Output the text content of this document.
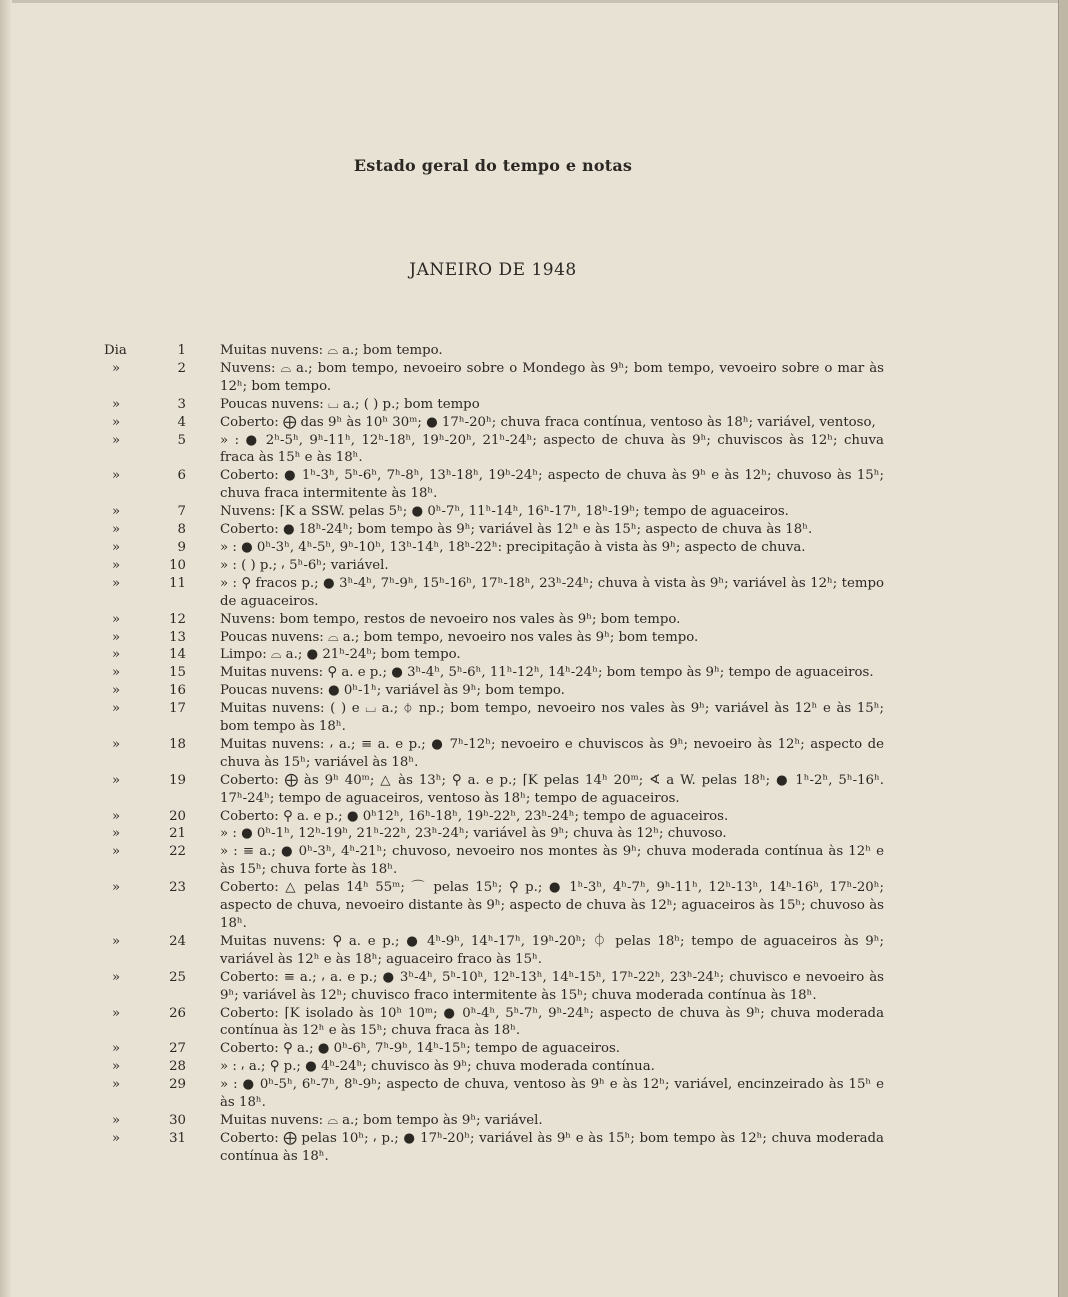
Estado geral do tempo e notas
JANEIRO DE 1948
Dia	1	Muitas nuvens: ⌓ a.; bom tempo.
»	2	Nuvens: ⌓ a.; bom tempo, nevoeiro sobre o Mondego às 9ʰ; bom tempo, vevoeiro sobre o mar às 12ʰ; bom tempo.
»	3	Poucas nuvens: ⌴ a.; ( ) p.; bom tempo
»	4	Coberto: ⨁ das 9ʰ às 10ʰ 30ᵐ; ● 17ʰ-20ʰ; chuva fraca contínua, ventoso às 18ʰ; variável, ventoso,
»	5	» : ● 2ʰ-5ʰ, 9ʰ-11ʰ, 12ʰ-18ʰ, 19ʰ-20ʰ, 21ʰ-24ʰ; aspecto de chuva às 9ʰ; chuviscos às 12ʰ; chuva fraca às 15ʰ e às 18ʰ.
»	6	Coberto: ● 1ʰ-3ʰ, 5ʰ-6ʰ, 7ʰ-8ʰ, 13ʰ-18ʰ, 19ʰ-24ʰ; aspecto de chuva às 9ʰ e às 12ʰ; chuvoso às 15ʰ; chuva fraca intermitente às 18ʰ.
»	7	Nuvens: ⌈K a SSW. pelas 5ʰ; ● 0ʰ-7ʰ, 11ʰ-14ʰ, 16ʰ-17ʰ, 18ʰ-19ʰ; tempo de aguaceiros.
»	8	Coberto: ● 18ʰ-24ʰ; bom tempo às 9ʰ; variável às 12ʰ e às 15ʰ; aspecto de chuva às 18ʰ.
»	9	» : ● 0ʰ-3ʰ, 4ʰ-5ʰ, 9ʰ-10ʰ, 13ʰ-14ʰ, 18ʰ-22ʰ: precipitação à vista às 9ʰ; aspecto de chuva.
»	10	» : ( ) p.; ⸴ 5ʰ-6ʰ; variável.
»	11	» : ⚲ fracos p.; ● 3ʰ-4ʰ, 7ʰ-9ʰ, 15ʰ-16ʰ, 17ʰ-18ʰ, 23ʰ-24ʰ; chuva à vista às 9ʰ; variável às 12ʰ; tempo de aguaceiros.
»	12	Nuvens: bom tempo, restos de nevoeiro nos vales às 9ʰ; bom tempo.
»	13	Poucas nuvens: ⌓ a.; bom tempo, nevoeiro nos vales às 9ʰ; bom tempo.
»	14	Limpo: ⌓ a.; ● 21ʰ-24ʰ; bom tempo.
»	15	Muitas nuvens: ⚲ a. e p.; ● 3ʰ-4ʰ, 5ʰ-6ʰ, 11ʰ-12ʰ, 14ʰ-24ʰ; bom tempo às 9ʰ; tempo de aguaceiros.
»	16	Poucas nuvens: ● 0ʰ-1ʰ; variável às 9ʰ; bom tempo.
»	17	Muitas nuvens: ( ) e ⌴ a.; ⏀ np.; bom tempo, nevoeiro nos vales às 9ʰ; variável às 12ʰ e às 15ʰ; bom tempo às 18ʰ.
»	18	Muitas nuvens: ⸴ a.; ≡ a. e p.; ● 7ʰ-12ʰ; nevoeiro e chuviscos às 9ʰ; nevoeiro às 12ʰ; aspecto de chuva às 15ʰ; variável às 18ʰ.
»	19	Coberto: ⨁ às 9ʰ 40ᵐ; △ às 13ʰ; ⚲ a. e p.; ⌈K pelas 14ʰ 20ᵐ; ∢ a W. pelas 18ʰ; ● 1ʰ-2ʰ, 5ʰ-16ʰ. 17ʰ-24ʰ; tempo de aguaceiros, ventoso às 18ʰ; tempo de aguaceiros.
»	20	Coberto: ⚲ a. e p.; ● 0ʰ12ʰ, 16ʰ-18ʰ, 19ʰ-22ʰ, 23ʰ-24ʰ; tempo de aguaceiros.
»	21	» : ● 0ʰ-1ʰ, 12ʰ-19ʰ, 21ʰ-22ʰ, 23ʰ-24ʰ; variável às 9ʰ; chuva às 12ʰ; chuvoso.
»	22	» : ≡ a.; ● 0ʰ-3ʰ, 4ʰ-21ʰ; chuvoso, nevoeiro nos montes às 9ʰ; chuva moderada contínua às 12ʰ e às 15ʰ; chuva forte às 18ʰ.
»	23	Coberto: △ pelas 14ʰ 55ᵐ; ⌒ pelas 15ʰ; ⚲ p.; ● 1ʰ-3ʰ, 4ʰ-7ʰ, 9ʰ-11ʰ, 12ʰ-13ʰ, 14ʰ-16ʰ, 17ʰ-20ʰ; aspecto de chuva, nevoeiro distante às 9ʰ; aspecto de chuva às 12ʰ; aguaceiros às 15ʰ; chuvoso às 18ʰ.
»	24	Muitas nuvens: ⚲ a. e p.; ● 4ʰ-9ʰ, 14ʰ-17ʰ, 19ʰ-20ʰ; ⏀ pelas 18ʰ; tempo de aguaceiros às 9ʰ; variável às 12ʰ e às 18ʰ; aguaceiro fraco às 15ʰ.
»	25	Coberto: ≡ a.; ⸴ a. e p.; ● 3ʰ-4ʰ, 5ʰ-10ʰ, 12ʰ-13ʰ, 14ʰ-15ʰ, 17ʰ-22ʰ, 23ʰ-24ʰ; chuvisco e nevoeiro às 9ʰ; variável às 12ʰ; chuvisco fraco intermitente às 15ʰ; chuva moderada contínua às 18ʰ.
»	26	Coberto: ⌈K isolado às 10ʰ 10ᵐ; ● 0ʰ-4ʰ, 5ʰ-7ʰ, 9ʰ-24ʰ; aspecto de chuva às 9ʰ; chuva moderada contínua às 12ʰ e às 15ʰ; chuva fraca às 18ʰ.
»	27	Coberto: ⚲ a.; ● 0ʰ-6ʰ, 7ʰ-9ʰ, 14ʰ-15ʰ; tempo de aguaceiros.
»	28	» : ⸴ a.; ⚲ p.; ● 4ʰ-24ʰ; chuvisco às 9ʰ; chuva moderada contínua.
»	29	» : ● 0ʰ-5ʰ, 6ʰ-7ʰ, 8ʰ-9ʰ; aspecto de chuva, ventoso às 9ʰ e às 12ʰ; variável, encinzeirado às 15ʰ e às 18ʰ.
»	30	Muitas nuvens: ⌓ a.; bom tempo às 9ʰ; variável.
»	31	Coberto: ⨁ pelas 10ʰ; ⸴ p.; ● 17ʰ-20ʰ; variável às 9ʰ e às 15ʰ; bom tempo às 12ʰ; chuva moderada contínua às 18ʰ.
